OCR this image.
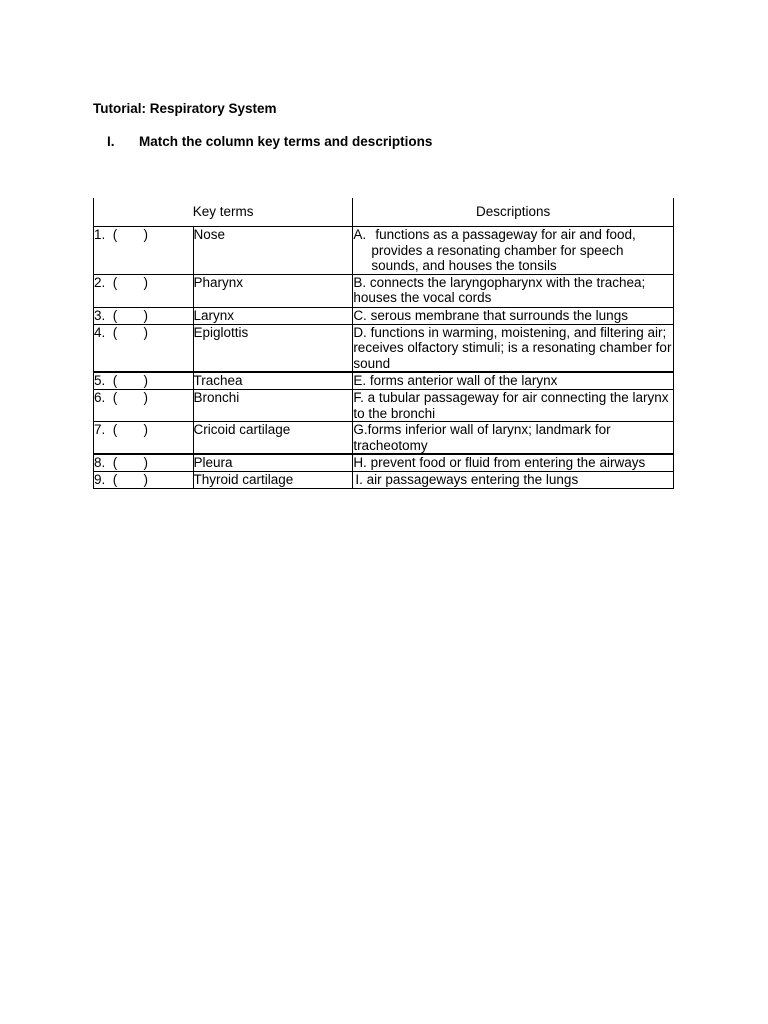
Tutorial: Respiratory System
I. Match the column key terms and descriptions
Key terms		Descriptions
1.  (       )	Nose	A. functions as a passageway for air and food, provides a resonating chamber for speech sounds, and houses the tonsils

2.  (       )	Pharynx	B. connects the laryngopharynx with the trachea; houses the vocal cords
3.  (       )	Larynx	C. serous membrane that surrounds the lungs
4.  (       )	Epiglottis	D. functions in warming, moistening, and filtering air; receives olfactory stimuli; is a resonating chamber for sound
5.  (       )	Trachea	E. forms anterior wall of the larynx
6.  (       )	Bronchi	F. a tubular passageway for air connecting the larynx to the bronchi
7.  (       )	Cricoid cartilage	G.forms inferior wall of larynx; landmark for tracheotomy
8.  (       )	Pleura	H. prevent food or fluid from entering the airways
9.  (       )	Thyroid cartilage	I. air passageways entering the lungs
